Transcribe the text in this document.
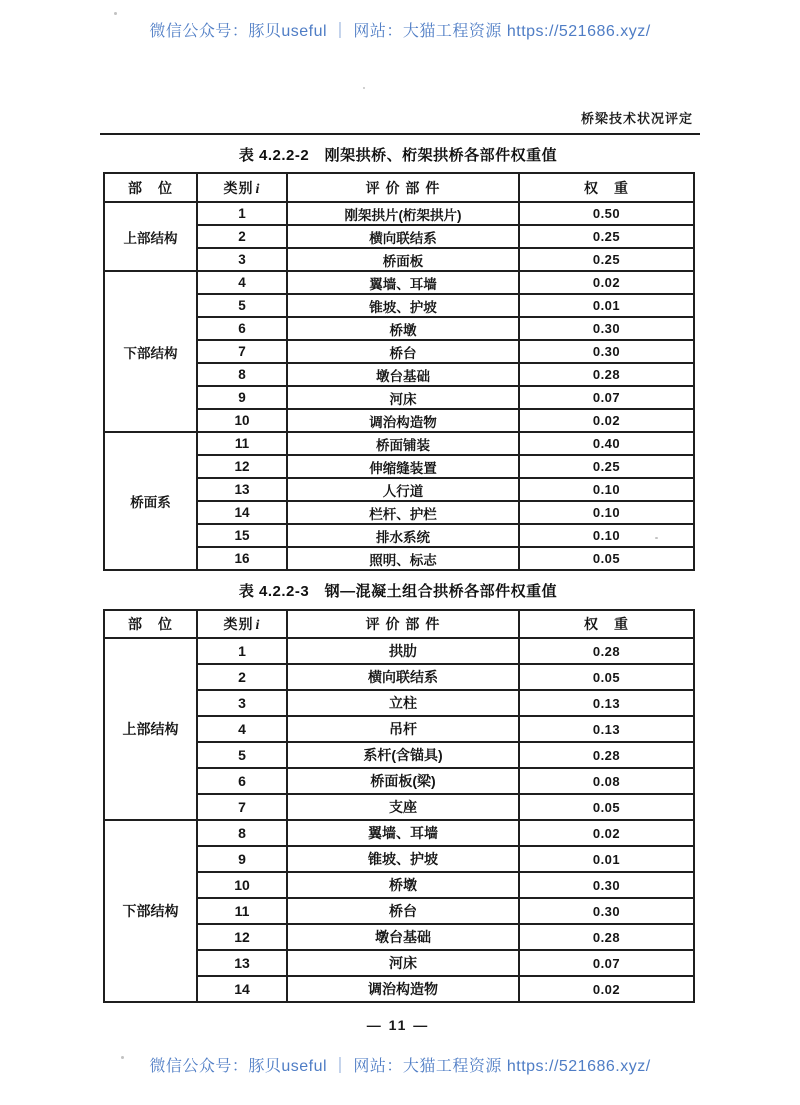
微信公众号：豚贝useful ｜ 网站：大猫工程资源 https://521686.xyz/
桥梁技术状况评定
表 4.2.2-2　刚架拱桥、桁架拱桥各部件权重值
部　位	类别 i	评 价 部 件	权　重
上部结构	1	刚架拱片(桁架拱片)	0.50
	2	横向联结系	0.25
	3	桥面板	0.25
下部结构	4	翼墙、耳墙	0.02
	5	锥坡、护坡	0.01
	6	桥墩	0.30
	7	桥台	0.30
	8	墩台基础	0.28
	9	河床	0.07
	10	调治构造物	0.02
桥面系	11	桥面铺装	0.40
	12	伸缩缝装置	0.25
	13	人行道	0.10
	14	栏杆、护栏	0.10
	15	排水系统	0.10
	16	照明、标志	0.05
表 4.2.2-3　钢—混凝土组合拱桥各部件权重值
部　位	类别 i	评 价 部 件	权　重
上部结构	1	拱肋	0.28
	2	横向联结系	0.05
	3	立柱	0.13
	4	吊杆	0.13
	5	系杆(含锚具)	0.28
	6	桥面板(梁)	0.08
	7	支座	0.05
下部结构	8	翼墙、耳墙	0.02
	9	锥坡、护坡	0.01
	10	桥墩	0.30
	11	桥台	0.30
	12	墩台基础	0.28
	13	河床	0.07
	14	调治构造物	0.02
— 11 —
微信公众号：豚贝useful ｜ 网站：大猫工程资源 https://521686.xyz/
